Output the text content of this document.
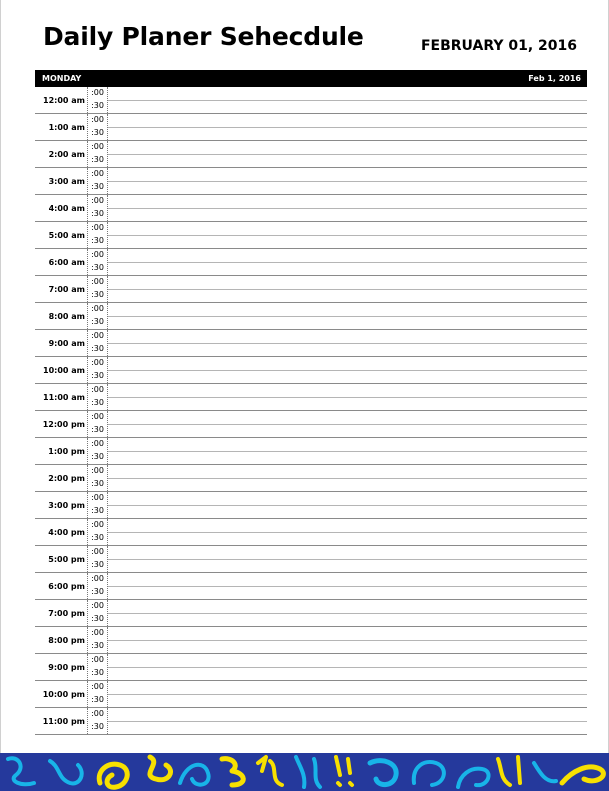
Daily Planer Sehecdule	FEBRUARY 01, 2016
MONDAY	Feb 1, 2016
12:00 am
:00
:30
1:00 am
:00
:30
2:00 am
:00
:30
3:00 am
:00
:30
4:00 am
:00
:30
5:00 am
:00
:30
6:00 am
:00
:30
7:00 am
:00
:30
8:00 am
:00
:30
9:00 am
:00
:30
10:00 am
:00
:30
11:00 am
:00
:30
12:00 pm
:00
:30
1:00 pm
:00
:30
2:00 pm
:00
:30
3:00 pm
:00
:30
4:00 pm
:00
:30
5:00 pm
:00
:30
6:00 pm
:00
:30
7:00 pm
:00
:30
8:00 pm
:00
:30
9:00 pm
:00
:30
10:00 pm
:00
:30
11:00 pm
:00
:30
